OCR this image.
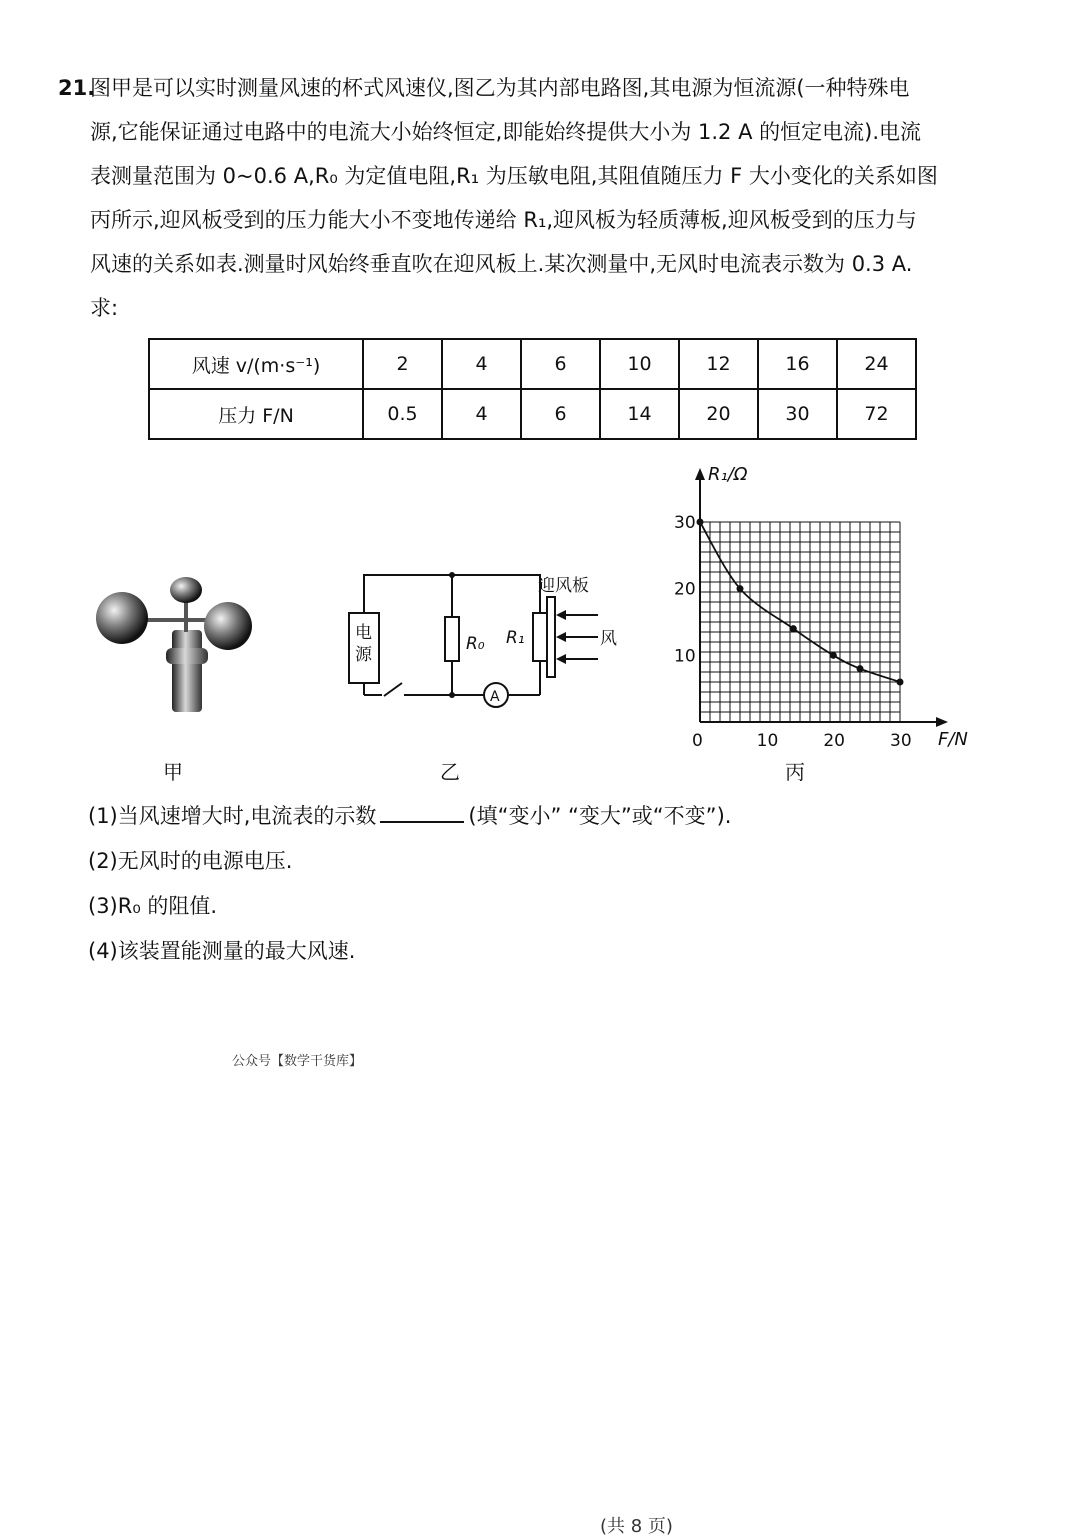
21.
图甲是可以实时测量风速的杯式风速仪,图乙为其内部电路图,其电源为恒流源(一种特殊电
源,它能保证通过电路中的电流大小始终恒定,即能始终提供大小为 1.2 A 的恒定电流).电流
表测量范围为 0~0.6 A,R₀ 为定值电阻,R₁ 为压敏电阻,其阻值随压力 F 大小变化的关系如图
丙所示,迎风板受到的压力能大小不变地传递给 R₁,迎风板为轻质薄板,迎风板受到的压力与
风速的关系如表.测量时风始终垂直吹在迎风板上.某次测量中,无风时电流表示数为 0.3 A.
求:
风速 v/(m·s⁻¹)	2	4	6	10	12	16	24
压力 F/N	0.5	4	6	14	20	30	72
甲
电
源
R₀ R₁
迎风板
风
A
乙
0	10	20	30
10
20
30
R₁/Ω
F/N
丙
(1)当风速增大时,电流表的示数	(填“变小” “变大”或“不变”).
(2)无风时的电源电压.
(3)R₀ 的阻值.
(4)该装置能测量的最大风速.
公众号【数学干货库】
(共 8 页)
